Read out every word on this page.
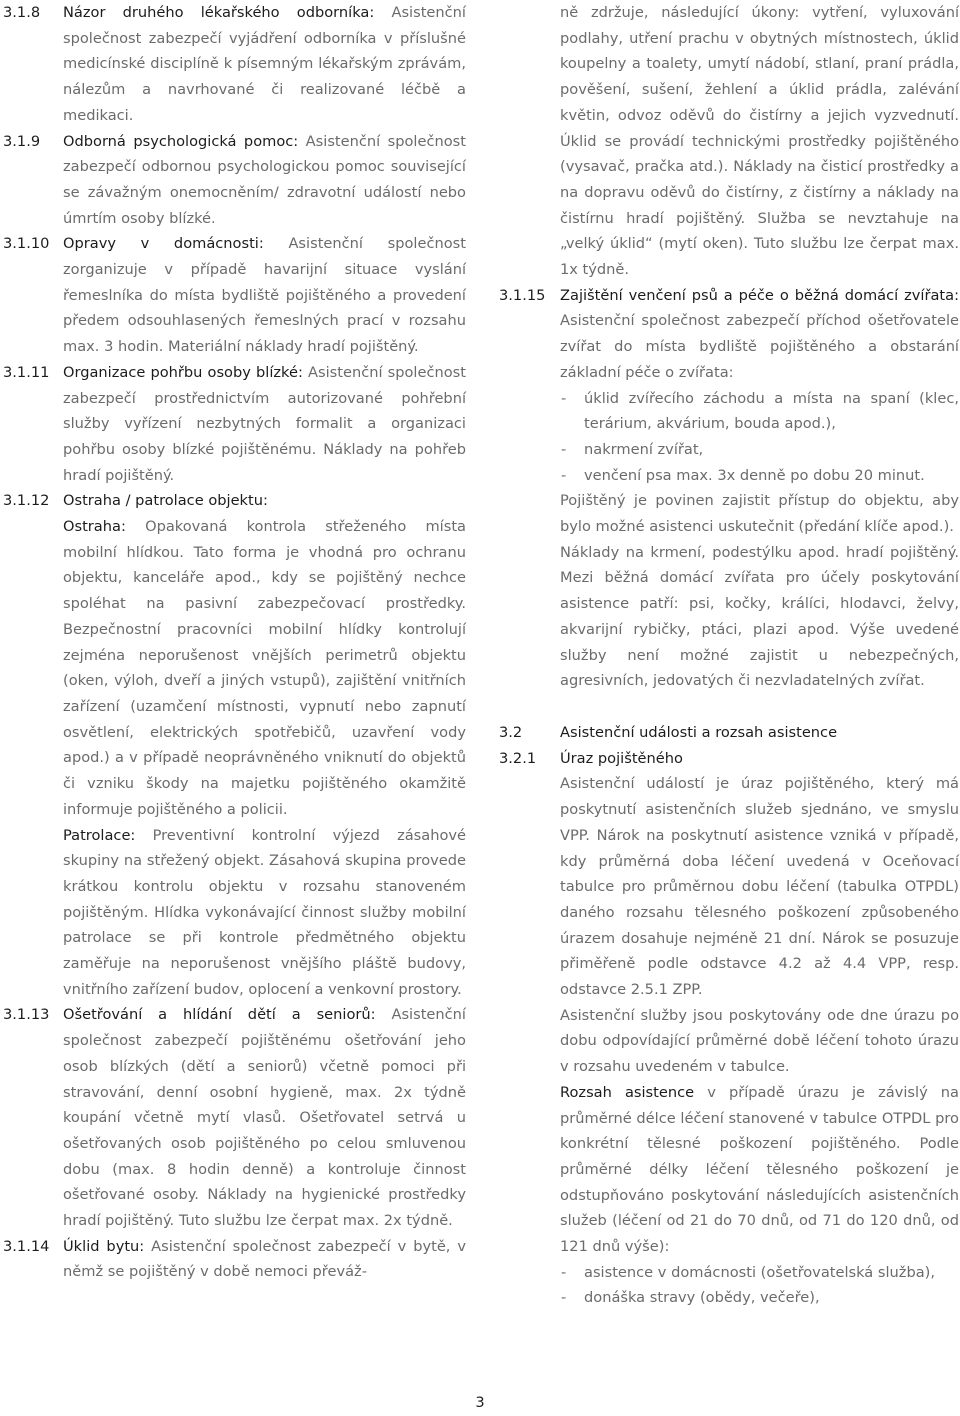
3.1.8 Názor druhého lékařského odborníka: Asistenční společnost zabezpečí vyjádření odborníka v příslušné medicínské disciplíně k písemným lékařským zprávám, nálezům a navrhované či realizované léčbě a medikaci.
3.1.9 Odborná psychologická pomoc: Asistenční společnost zabezpečí odbornou psychologickou pomoc související se závažným onemocněním/ zdravotní událostí nebo úmrtím osoby blízké.
3.1.10 Opravy v domácnosti: Asistenční společnost zorganizuje v případě havarijní situace vyslání řemeslníka do místa bydliště pojištěného a provedení předem odsouhlasených řemeslných prací v rozsahu max. 3 hodin. Materiální náklady hradí pojištěný.
3.1.11 Organizace pohřbu osoby blízké: Asistenční společnost zabezpečí prostřednictvím autorizované pohřební služby vyřízení nezbytných formalit a organizaci pohřbu osoby blízké pojištěnému. Náklady na pohřeb hradí pojištěný.
3.1.12 Ostraha / patrolace objektu:
Ostraha: Opakovaná kontrola střeženého místa mobilní hlídkou. Tato forma je vhodná pro ochranu objektu, kanceláře apod., kdy se pojištěný nechce spoléhat na pasivní zabezpečovací prostředky. Bezpečnostní pracovníci mobilní hlídky kontrolují zejména neporušenost vnějších perimetrů objektu (oken, výloh, dveří a jiných vstupů), zajištění vnitřních zařízení (uzamčení místnosti, vypnutí nebo zapnutí osvětlení, elektrických spotřebičů, uzavření vody apod.) a v případě neoprávněného vniknutí do objektů či vzniku škody na majetku pojištěného okamžitě informuje pojištěného a policii.
Patrolace: Preventivní kontrolní výjezd zásahové skupiny na střežený objekt. Zásahová skupina provede krátkou kontrolu objektu v rozsahu stanoveném pojištěným. Hlídka vykonávající činnost služby mobilní patrolace se při kontrole předmětného objektu zaměřuje na neporušenost vnějšího pláště budovy, vnitřního zařízení budov, oplocení a venkovní prostory.
3.1.13 Ošetřování a hlídání dětí a seniorů: Asistenční společnost zabezpečí pojištěnému ošetřování jeho osob blízkých (dětí a seniorů) včetně pomoci při stravování, denní osobní hygieně, max. 2x týdně koupání včetně mytí vlasů. Ošetřovatel setrvá u ošetřovaných osob pojištěného po celou smluvenou dobu (max. 8 hodin denně) a kontroluje činnost ošetřované osoby. Náklady na hygienické prostředky hradí pojištěný. Tuto službu lze čerpat max. 2x týdně.
3.1.14 Úklid bytu: Asistenční společnost zabezpečí v bytě, v němž se pojištěný v době nemoci převáž-
ně zdržuje, následující úkony: vytření, vyluxování podlahy, utření prachu v obytných místnostech, úklid koupelny a toalety, umytí nádobí, stlaní, praní prádla, pověšení, sušení, žehlení a úklid prádla, zalévání květin, odvoz oděvů do čistírny a jejich vyzvednutí. Úklid se provádí technickými prostředky pojištěného (vysavač, pračka atd.). Náklady na čisticí prostředky a na dopravu oděvů do čistírny, z čistírny a náklady na čistírnu hradí pojištěný. Služba se nevztahuje na „velký úklid“ (mytí oken). Tuto službu lze čerpat max. 1x týdně.
3.1.15 Zajištění venčení psů a péče o běžná domácí zvířata: Asistenční společnost zabezpečí příchod ošetřovatele zvířat do místa bydliště pojištěného a obstarání základní péče o zvířata:
- úklid zvířecího záchodu a místa na spaní (klec, terárium, akvárium, bouda apod.),
- nakrmení zvířat,
- venčení psa max. 3x denně po dobu 20 minut.
Pojištěný je povinen zajistit přístup do objektu, aby bylo možné asistenci uskutečnit (předání klíče apod.).
Náklady na krmení, podestýlku apod. hradí pojištěný. Mezi běžná domácí zvířata pro účely poskytování asistence patří: psi, kočky, králíci, hlodavci, želvy, akvarijní rybičky, ptáci, plazi apod. Výše uvedené služby není možné zajistit u nebezpečných, agresivních, jedovatých či nezvladatelných zvířat.
3.2	Asistenční události a rozsah asistence
3.2.1 Úraz pojištěného
Asistenční událostí je úraz pojištěného, který má poskytnutí asistenčních služeb sjednáno, ve smyslu VPP. Nárok na poskytnutí asistence vzniká v případě, kdy průměrná doba léčení uvedená v Oceňovací tabulce pro průměrnou dobu léčení (tabulka OTPDL) daného rozsahu tělesného poškození způsobeného úrazem dosahuje nejméně 21 dní. Nárok se posuzuje přiměřeně podle odstavce 4.2 až 4.4 VPP, resp. odstavce 2.5.1 ZPP.
Asistenční služby jsou poskytovány ode dne úrazu po dobu odpovídající průměrné době léčení tohoto úrazu v rozsahu uvedeném v tabulce.
Rozsah asistence v případě úrazu je závislý na průměrné délce léčení stanovené v tabulce OTPDL pro konkrétní tělesné poškození pojištěného. Podle průměrné délky léčení tělesného poškození je odstupňováno poskytování následujících asistenčních služeb (léčení od 21 do 70 dnů, od 71 do 120 dnů, od 121 dnů výše):
- asistence v domácnosti (ošetřovatelská služba),
- donáška stravy (obědy, večeře),
3
